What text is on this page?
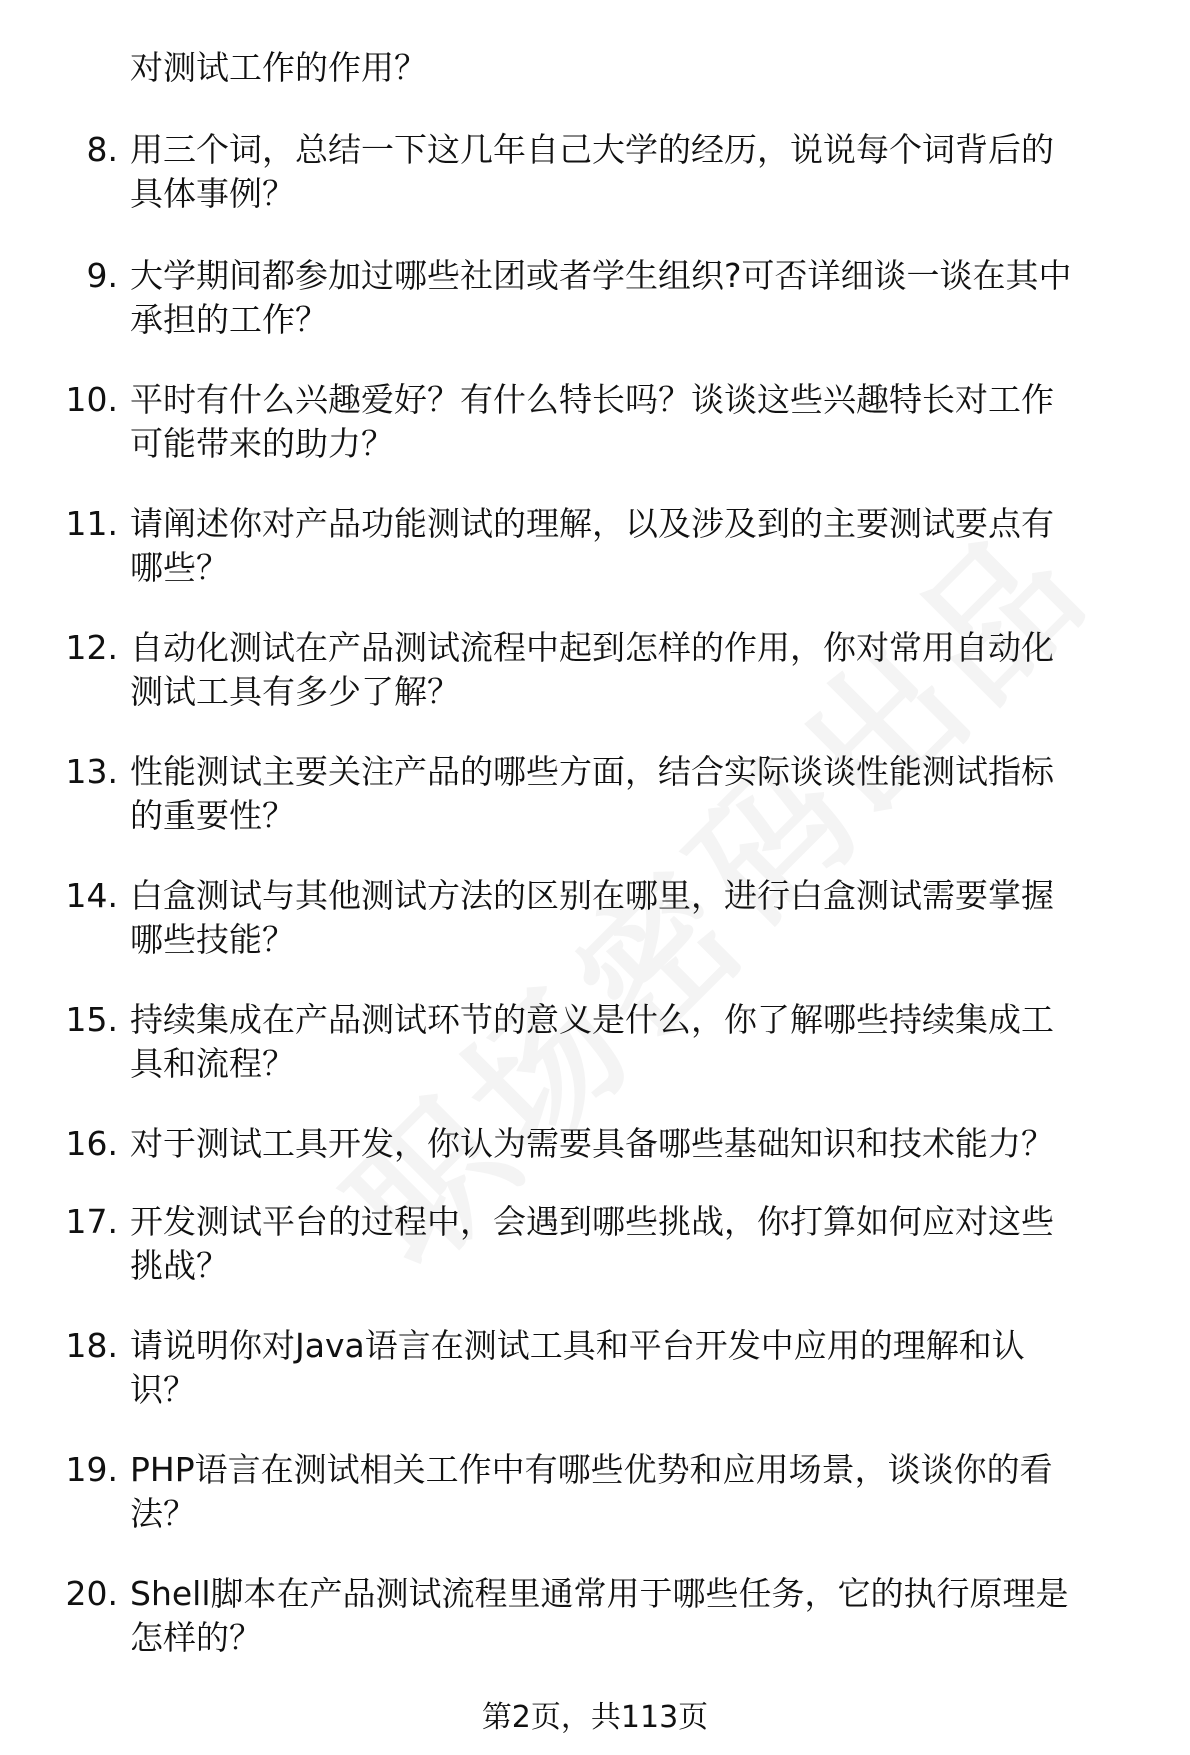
对测试工作的作用？
8. 用三个词，总结一下这几年自己大学的经历，说说每个词背后的
具体事例？
9. 大学期间都参加过哪些社团或者学生组织?可否详细谈一谈在其中
承担的工作？
10. 平时有什么兴趣爱好？有什么特长吗？谈谈这些兴趣特长对工作
可能带来的助力？
11. 请阐述你对产品功能测试的理解，以及涉及到的主要测试要点有
哪些？
12. 自动化测试在产品测试流程中起到怎样的作用，你对常用自动化
测试工具有多少了解？
13. 性能测试主要关注产品的哪些方面，结合实际谈谈性能测试指标
的重要性？
14. 白盒测试与其他测试方法的区别在哪里，进行白盒测试需要掌握
哪些技能？
15. 持续集成在产品测试环节的意义是什么，你了解哪些持续集成工
具和流程？
16. 对于测试工具开发，你认为需要具备哪些基础知识和技术能力？
17. 开发测试平台的过程中，会遇到哪些挑战，你打算如何应对这些
挑战？
18. 请说明你对Java语言在测试工具和平台开发中应用的理解和认
识？
19. PHP语言在测试相关工作中有哪些优势和应用场景，谈谈你的看
法？
20. Shell脚本在产品测试流程里通常用于哪些任务，它的执行原理是
怎样的？
第2页，共113页
